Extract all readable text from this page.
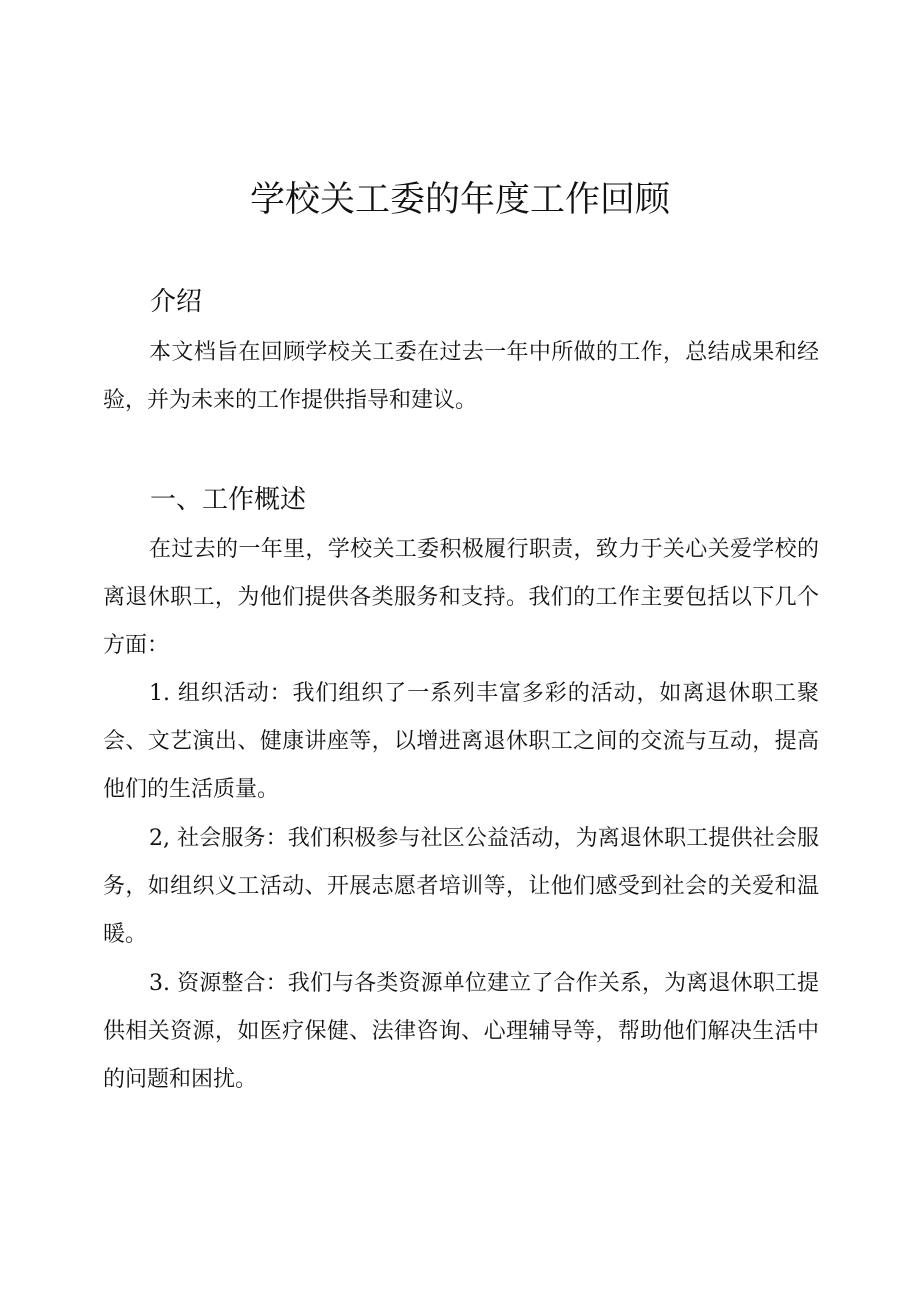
学校关工委的年度工作回顾
介绍

本文档旨在回顾学校关工委在过去一年中所做的工作，总结成果和经验，并为未来的工作提供指导和建议。

一、工作概述

在过去的一年里，学校关工委积极履行职责，致力于关心关爱学校的离退休职工，为他们提供各类服务和支持。我们的工作主要包括以下几个方面：

1. 组织活动：我们组织了一系列丰富多彩的活动，如离退休职工聚会、文艺演出、健康讲座等，以增进离退休职工之间的交流与互动，提高他们的生活质量。

2, 社会服务：我们积极参与社区公益活动，为离退休职工提供社会服务，如组织义工活动、开展志愿者培训等，让他们感受到社会的关爱和温暖。

3. 资源整合：我们与各类资源单位建立了合作关系，为离退休职工提供相关资源，如医疗保健、法律咨询、心理辅导等，帮助他们解决生活中的问题和困扰。
